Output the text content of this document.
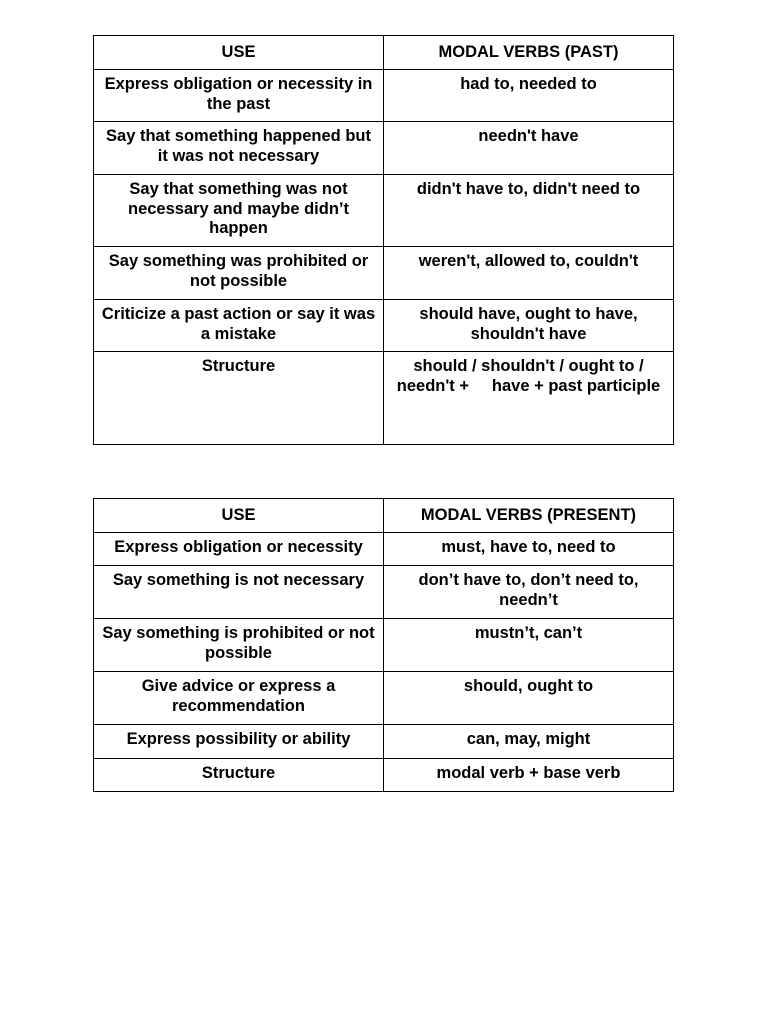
USE	MODAL VERBS (PAST)
Express obligation or necessity in the past	had to, needed to
Say that something happened but it was not necessary	needn't have
Say that something was not necessary and maybe didn’t happen	didn't have to, didn't need to
Say something was prohibited or not possible	weren't, allowed to, couldn't
Criticize a past action or say it was a mistake	should have, ought to have, shouldn't have
Structure	should / shouldn't / ought to / needn't +     have + past participle
USE	MODAL VERBS (PRESENT)
Express obligation or necessity	must, have to, need to
Say something is not necessary	don’t have to, don’t need to, needn’t
Say something is prohibited or not possible	mustn’t, can’t
Give advice or express a recommendation	should, ought to
Express possibility or ability	can, may, might
Structure	modal verb + base verb
